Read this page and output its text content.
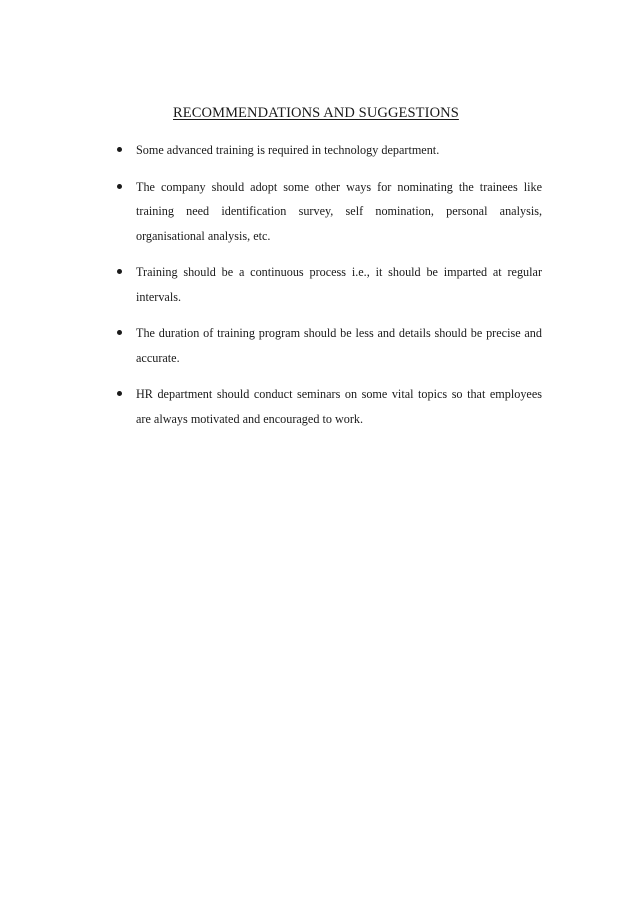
RECOMMENDATIONS AND SUGGESTIONS
Some advanced training is required in technology department.
The company should adopt some other ways for nominating the trainees like training need identification survey, self nomination, personal analysis, organisational analysis, etc.
Training should be a continuous process i.e., it should be imparted at regular intervals.
The duration of training program should be less and details should be precise and accurate.
HR department should conduct seminars on some vital topics so that employees are always motivated and encouraged to work.
